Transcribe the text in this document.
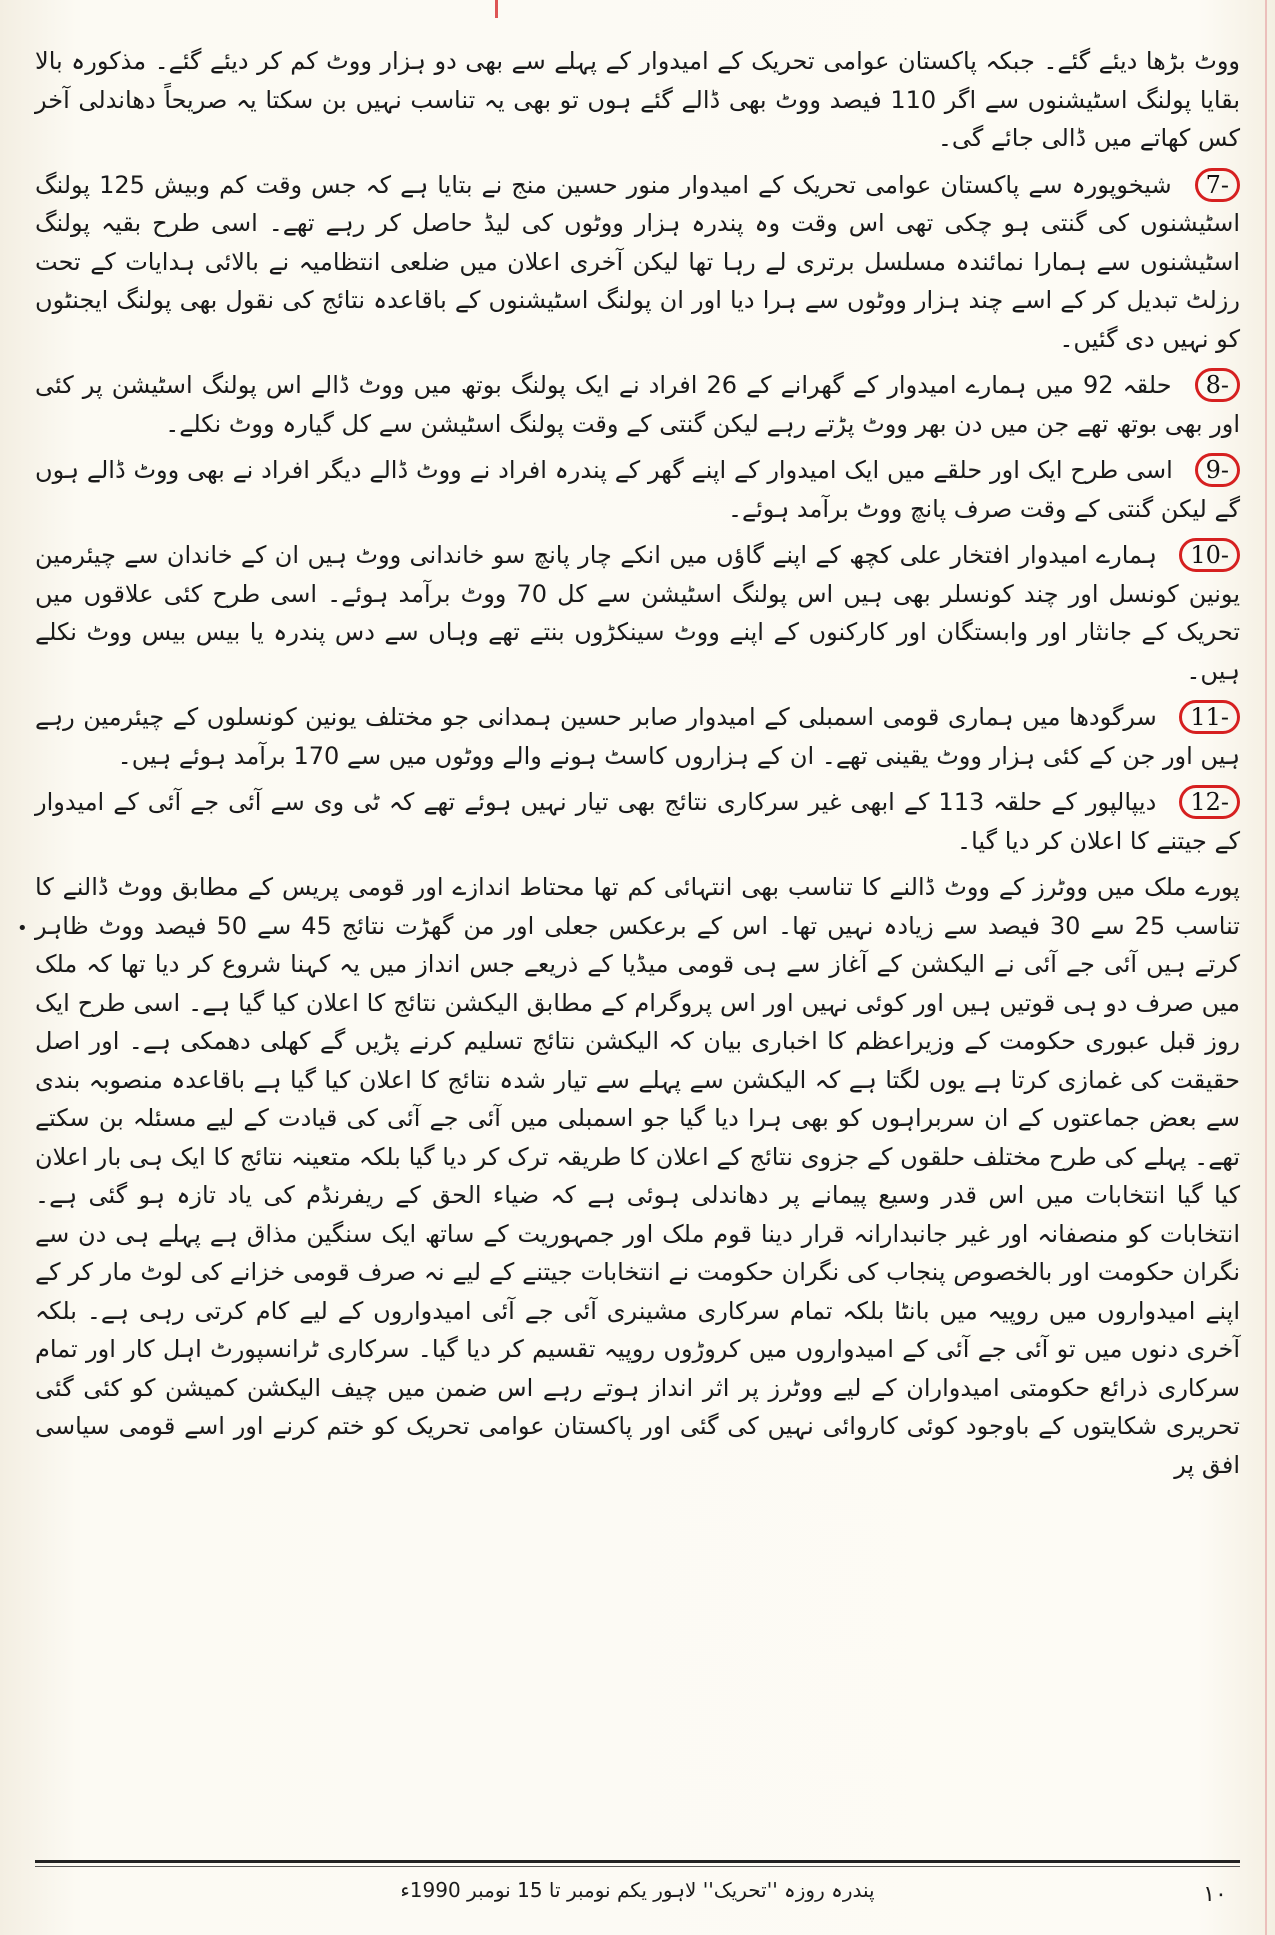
ووٹ بڑھا دیئے گئے۔ جبکہ پاکستان عوامی تحریک کے امیدوار کے پہلے سے بھی دو ہزار ووٹ کم کر دیئے گئے۔ مذکورہ بالا بقایا پولنگ اسٹیشنوں سے اگر 110 فیصد ووٹ بھی ڈالے گئے ہوں تو بھی یہ تناسب نہیں بن سکتا یہ صریحاً دھاندلی آخر کس کھاتے میں ڈالی جائے گی۔

7- شیخوپورہ سے پاکستان عوامی تحریک کے امیدوار منور حسین منج نے بتایا ہے کہ جس وقت کم وبیش 125 پولنگ اسٹیشنوں کی گنتی ہو چکی تھی اس وقت وہ پندرہ ہزار ووٹوں کی لیڈ حاصل کر رہے تھے۔ اسی طرح بقیہ پولنگ اسٹیشنوں سے ہمارا نمائندہ مسلسل برتری لے رہا تھا لیکن آخری اعلان میں ضلعی انتظامیہ نے بالائی ہدایات کے تحت رزلٹ تبدیل کر کے اسے چند ہزار ووٹوں سے ہرا دیا اور ان پولنگ اسٹیشنوں کے باقاعدہ نتائج کی نقول بھی پولنگ ایجنٹوں کو نہیں دی گئیں۔

8- حلقہ 92 میں ہمارے امیدوار کے گھرانے کے 26 افراد نے ایک پولنگ بوتھ میں ووٹ ڈالے اس پولنگ اسٹیشن پر کئی اور بھی بوتھ تھے جن میں دن بھر ووٹ پڑتے رہے لیکن گنتی کے وقت پولنگ اسٹیشن سے کل گیارہ ووٹ نکلے۔

9- اسی طرح ایک اور حلقے میں ایک امیدوار کے اپنے گھر کے پندرہ افراد نے ووٹ ڈالے دیگر افراد نے بھی ووٹ ڈالے ہوں گے لیکن گنتی کے وقت صرف پانچ ووٹ برآمد ہوئے۔

10- ہمارے امیدوار افتخار علی کچھ کے اپنے گاؤں میں انکے چار پانچ سو خاندانی ووٹ ہیں ان کے خاندان سے چیئرمین یونین کونسل اور چند کونسلر بھی ہیں اس پولنگ اسٹیشن سے کل 70 ووٹ برآمد ہوئے۔ اسی طرح کئی علاقوں میں تحریک کے جانثار اور وابستگان اور کارکنوں کے اپنے ووٹ سینکڑوں بنتے تھے وہاں سے دس پندرہ یا بیس بیس ووٹ نکلے ہیں۔

11- سرگودھا میں ہماری قومی اسمبلی کے امیدوار صابر حسین ہمدانی جو مختلف یونین کونسلوں کے چیئرمین رہے ہیں اور جن کے کئی ہزار ووٹ یقینی تھے۔ ان کے ہزاروں کاسٹ ہونے والے ووٹوں میں سے 170 برآمد ہوئے ہیں۔

12- دیپالپور کے حلقہ 113 کے ابھی غیر سرکاری نتائج بھی تیار نہیں ہوئے تھے کہ ٹی وی سے آئی جے آئی کے امیدوار کے جیتنے کا اعلان کر دیا گیا۔

•
پورے ملک میں ووٹرز کے ووٹ ڈالنے کا تناسب بھی انتہائی کم تھا محتاط اندازے اور قومی پریس کے مطابق ووٹ ڈالنے کا تناسب 25 سے 30 فیصد سے زیادہ نہیں تھا۔ اس کے برعکس جعلی اور من گھڑت نتائج 45 سے 50 فیصد ووٹ ظاہر کرتے ہیں آئی جے آئی نے الیکشن کے آغاز سے ہی قومی میڈیا کے ذریعے جس انداز میں یہ کہنا شروع کر دیا تھا کہ ملک میں صرف دو ہی قوتیں ہیں اور کوئی نہیں اور اس پروگرام کے مطابق الیکشن نتائج کا اعلان کیا گیا ہے۔ اسی طرح ایک روز قبل عبوری حکومت کے وزیراعظم کا اخباری بیان کہ الیکشن نتائج تسلیم کرنے پڑیں گے کھلی دھمکی ہے۔ اور اصل حقیقت کی غمازی کرتا ہے یوں لگتا ہے کہ الیکشن سے پہلے سے تیار شدہ نتائج کا اعلان کیا گیا ہے باقاعدہ منصوبہ بندی سے بعض جماعتوں کے ان سربراہوں کو بھی ہرا دیا گیا جو اسمبلی میں آئی جے آئی کی قیادت کے لیے مسئلہ بن سکتے تھے۔ پہلے کی طرح مختلف حلقوں کے جزوی نتائج کے اعلان کا طریقہ ترک کر دیا گیا بلکہ متعینہ نتائج کا ایک ہی بار اعلان کیا گیا انتخابات میں اس قدر وسیع پیمانے پر دھاندلی ہوئی ہے کہ ضیاء الحق کے ریفرنڈم کی یاد تازہ ہو گئی ہے۔ انتخابات کو منصفانہ اور غیر جانبدارانہ قرار دینا قوم ملک اور جمہوریت کے ساتھ ایک سنگین مذاق ہے پہلے ہی دن سے نگران حکومت اور بالخصوص پنجاب کی نگران حکومت نے انتخابات جیتنے کے لیے نہ صرف قومی خزانے کی لوٹ مار کر کے اپنے امیدواروں میں روپیہ میں بانٹا بلکہ تمام سرکاری مشینری آئی جے آئی امیدواروں کے لیے کام کرتی رہی ہے۔ بلکہ آخری دنوں میں تو آئی جے آئی کے امیدواروں میں کروڑوں روپیہ تقسیم کر دیا گیا۔ سرکاری ٹرانسپورٹ اہل کار اور تمام سرکاری ذرائع حکومتی امیدواران کے لیے ووٹرز پر اثر انداز ہوتے رہے اس ضمن میں چیف الیکشن کمیشن کو کئی گئی تحریری شکایتوں کے باوجود کوئی کاروائی نہیں کی گئی اور پاکستان عوامی تحریک کو ختم کرنے اور اسے قومی سیاسی افق پر

پندرہ روزہ ''تحریک'' لاہور یکم نومبر تا 15 نومبر 1990ء	۱۰
